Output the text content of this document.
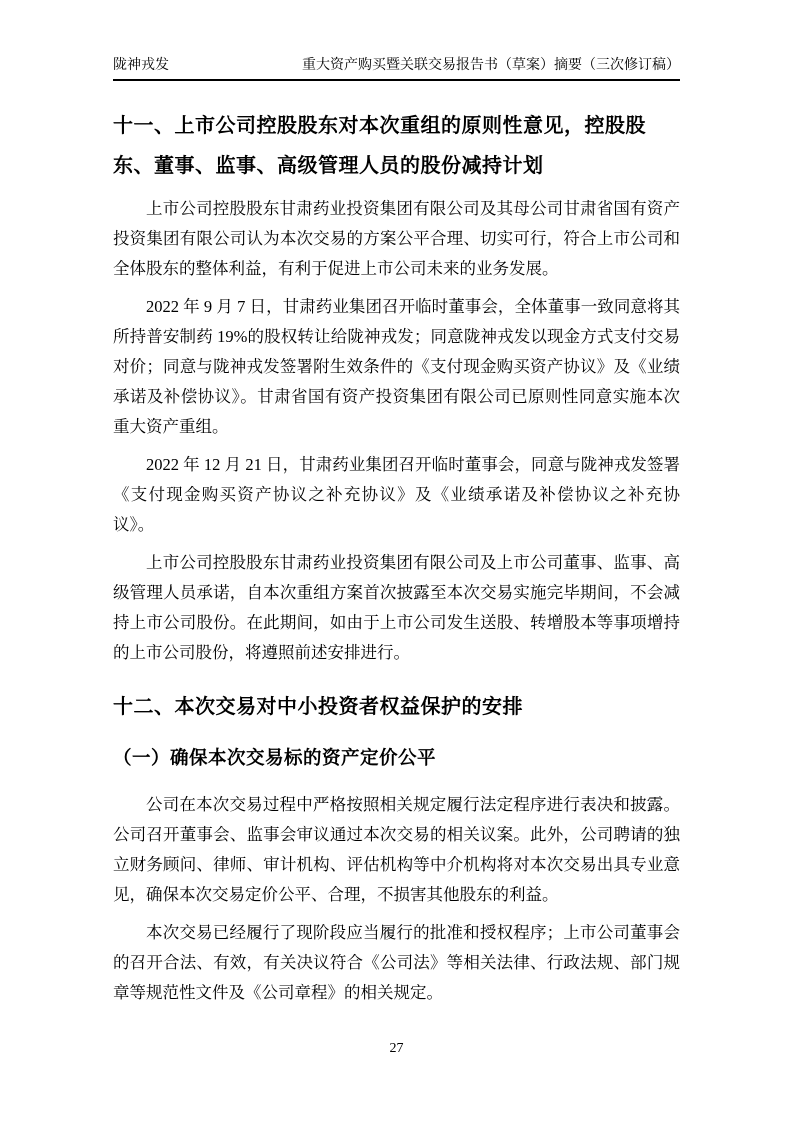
陇神戎发	重大资产购买暨关联交易报告书（草案）摘要（三次修订稿）
十一、上市公司控股股东对本次重组的原则性意见，控股股东、董事、监事、高级管理人员的股份减持计划

上市公司控股股东甘肃药业投资集团有限公司及其母公司甘肃省国有资产投资集团有限公司认为本次交易的方案公平合理、切实可行，符合上市公司和全体股东的整体利益，有利于促进上市公司未来的业务发展。

2022 年 9 月 7 日，甘肃药业集团召开临时董事会，全体董事一致同意将其所持普安制药 19%的股权转让给陇神戎发；同意陇神戎发以现金方式支付交易对价；同意与陇神戎发签署附生效条件的《支付现金购买资产协议》及《业绩承诺及补偿协议》。甘肃省国有资产投资集团有限公司已原则性同意实施本次重大资产重组。

2022 年 12 月 21 日，甘肃药业集团召开临时董事会，同意与陇神戎发签署《支付现金购买资产协议之补充协议》及《业绩承诺及补偿协议之补充协议》。

上市公司控股股东甘肃药业投资集团有限公司及上市公司董事、监事、高级管理人员承诺，自本次重组方案首次披露至本次交易实施完毕期间，不会减持上市公司股份。在此期间，如由于上市公司发生送股、转增股本等事项增持的上市公司股份，将遵照前述安排进行。

十二、本次交易对中小投资者权益保护的安排
（一）确保本次交易标的资产定价公平

公司在本次交易过程中严格按照相关规定履行法定程序进行表决和披露。公司召开董事会、监事会审议通过本次交易的相关议案。此外，公司聘请的独立财务顾问、律师、审计机构、评估机构等中介机构将对本次交易出具专业意见，确保本次交易定价公平、合理，不损害其他股东的利益。

本次交易已经履行了现阶段应当履行的批准和授权程序；上市公司董事会的召开合法、有效，有关决议符合《公司法》等相关法律、行政法规、部门规章等规范性文件及《公司章程》的相关规定。

27
